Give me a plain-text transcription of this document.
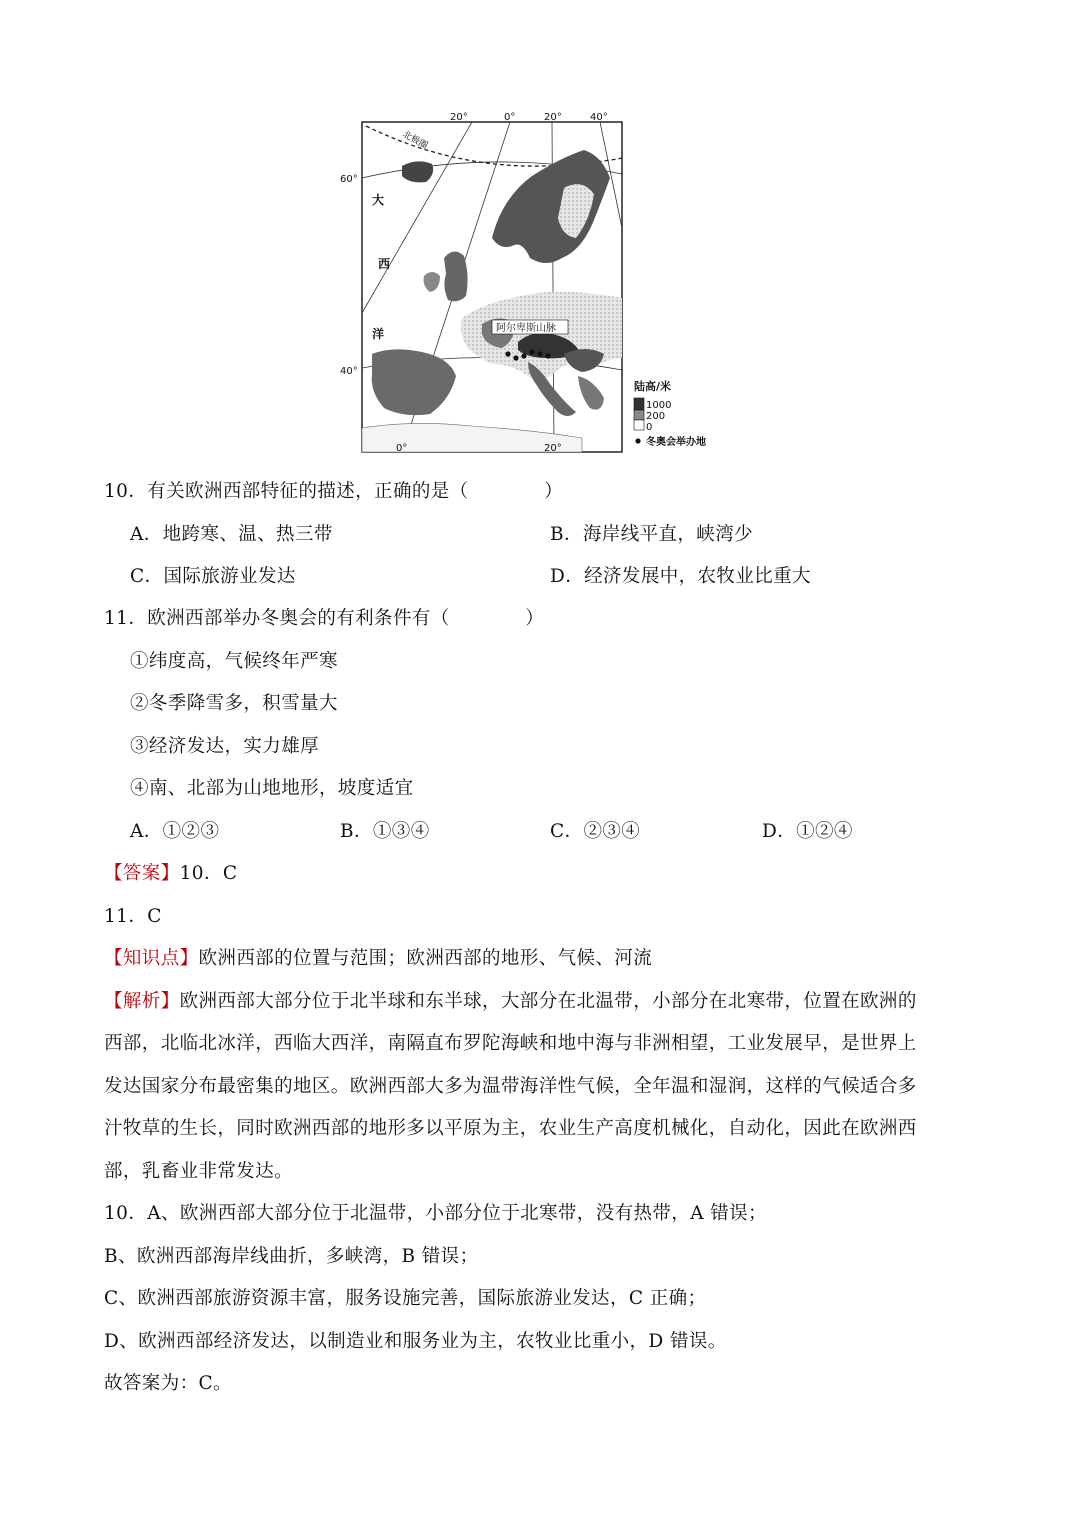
20°	0°	20°	40°
0°	20°
60°
40°
大
西
洋
北极圈
阿尔卑斯山脉
陆高/米
1000
200
0
冬奥会举办地
10．有关欧洲西部特征的描述，正确的是（　　　　）
A．地跨寒、温、热三带	B．海岸线平直，峡湾少
C．国际旅游业发达	D．经济发展中，农牧业比重大
11．欧洲西部举办冬奥会的有利条件有（　　　　）
①纬度高，气候终年严寒
②冬季降雪多，积雪量大
③经济发达，实力雄厚
④南、北部为山地地形，坡度适宜
A．①②③	B．①③④	C．②③④	D．①②④
【答案】10．C
11．C
【知识点】欧洲西部的位置与范围；欧洲西部的地形、气候、河流
【解析】欧洲西部大部分位于北半球和东半球，大部分在北温带，小部分在北寒带，位置在欧洲的
西部，北临北冰洋，西临大西洋，南隔直布罗陀海峡和地中海与非洲相望，工业发展早，是世界上
发达国家分布最密集的地区。欧洲西部大多为温带海洋性气候，全年温和湿润，这样的气候适合多
汁牧草的生长，同时欧洲西部的地形多以平原为主，农业生产高度机械化，自动化，因此在欧洲西
部，乳畜业非常发达。
10．A、欧洲西部大部分位于北温带，小部分位于北寒带，没有热带，A 错误；
B、欧洲西部海岸线曲折，多峡湾，B 错误；
C、欧洲西部旅游资源丰富，服务设施完善，国际旅游业发达，C 正确；
D、欧洲西部经济发达，以制造业和服务业为主，农牧业比重小，D 错误。
故答案为：C。
